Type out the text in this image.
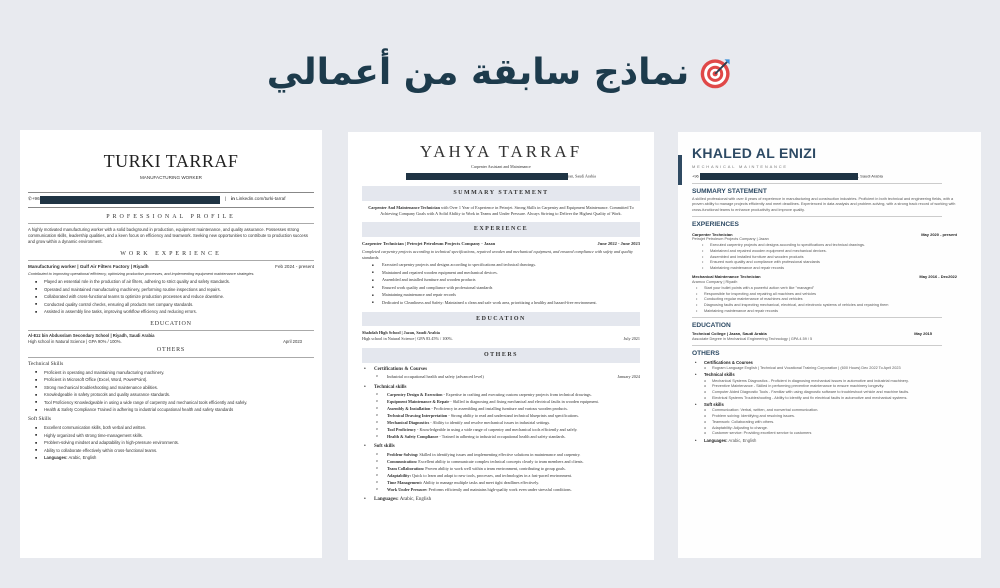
نماذج سابقة من أعمالي
TURKI TARRAF
MANUFACTURING WORKER
✆ +96	| in
Linkedin.com/turki-tarraf
PROFESSIONAL PROFILE
A highly motivated manufacturing worker with a solid background in production, equipment maintenance, and quality assurance. Possesses strong communication skills, leadership qualities, and a keen focus on efficiency and teamwork. Seeking new opportunities to contribute to production success and grow within a dynamic environment.
WORK EXPERIENCE
Manufacturing worker | Gulf Air Filters Factory | Riyadh	Feb 2024 - present
Contributed to improving operational efficiency, optimizing production processes, and implementing equipment maintenance strategies.
■ Played an essential role in the production of air filters, adhering to strict quality and safety standards.
■ Operated and maintained manufacturing machinery, performing routine inspections and repairs.
■ Collaborated with cross-functional teams to optimize production processes and reduce downtime.
■ Conducted quality control checks, ensuring all products met company standards.
■ Assisted in assembly line tasks, improving workflow efficiency and reducing errors.
EDUCATION
Al-Ezz bin Abdusslam Secondary School | Riyadh, Saudi Arabia
High school in Natural Science | GPA 90% / 100%.	April 2023
OTHERS
Technical Skills
■ Proficient in operating and maintaining manufacturing machinery.
■ Proficient in Microsoft Office (Excel, Word, PowerPoint).
■ Strong mechanical troubleshooting and maintenance abilities.
■ Knowledgeable in safety protocols and quality assurance standards.
■ Tool Proficiency Knowledgeable in using a wide range of carpentry and mechanical tools efficiently and safely.
■ Health & Safety Compliance Trained in adhering to industrial occupational health and safety standards
Soft Skills
■ Excellent communication skills, both verbal and written.
■ Highly organized with strong time-management skills.
■ Problem-solving mindset and adaptability in high-pressure environments.
■ Ability to collaborate effectively within cross-functional teams.
■ Languages: Arabic, English
YAHYA TARRAF
Carpenter Assistant and Maintenance
ran, Saudi Arabia
SUMMARY STATEMENT
Carpenter And Maintenance Technician with Over 1 Year of Experience in Petrojet. Strong Skills in Carpentry and Equipment Maintenance. Committed To Achieving Company Goals with A Solid Ability to Work in Teams and Under Pressure. Always Striving to Deliver the Highest Quality of Work.
EXPERIENCE
Carpenter Technician | Petrojet Petroleum Projects Company - Jazan	June 2022 - June 2023
Completed carpentry projects according to technical specifications, repaired wooden and mechanical equipment, and ensured compliance with safety and quality standards.
■ Executed carpentry projects and designs according to specifications and technical drawings.
■ Maintained and repaired wooden equipment and mechanical devices.
■ Assembled and installed furniture and wooden products
■ Ensured work quality and compliance with professional standards
■ Maintaining maintenance and repair records
■ Dedicated to Cleanliness and Safety: Maintained a clean and safe work area, prioritizing a healthy and hazard-free environment.
EDUCATION
Shahdah High School | Jazan, Saudi Arabia
High school in Natural Science | GPA 83.45% / 100%.	July 2021
OTHERS
• Certifications & Courses
o Industrial occupational health and safety (advanced level)	January 2024
• Technical skills
o Carpentry Design & Execution - Expertise in crafting and executing custom carpentry projects from technical drawings.
o Equipment Maintenance & Repair - Skilled in diagnosing and fixing mechanical and electrical faults in wooden equipment.
o Assembly & Installation - Proficiency in assembling and installing furniture and various wooden products.
o Technical Drawing Interpretation - Strong ability to read and understand technical blueprints and specifications.
o Mechanical Diagnostics - Ability to identify and resolve mechanical issues in industrial settings.
o Tool Proficiency - Knowledgeable in using a wide range of carpentry and mechanical tools efficiently and safely.
o Health & Safety Compliance - Trained in adhering to industrial occupational health and safety standards.
• Soft skills
o Problem-Solving: Skilled in identifying issues and implementing effective solutions in maintenance and carpentry.
o Communication: Excellent ability to communicate complex technical concepts clearly to team members and clients.
o Team Collaboration: Proven ability to work well within a team environment, contributing to group goals.
o Adaptability: Quick to learn and adapt to new tools, processes, and technologies in a fast-paced environment.
o Time Management: Ability to manage multiple tasks and meet tight deadlines effectively.
o Work Under Pressure: Performs efficiently and maintains high-quality work even under stressful conditions.
• Languages: Arabic, English
KHALED AL ENIZI
MECHANICAL MAINTENANCE
+96	, Saudi Arabia
SUMMARY STATEMENT
A skilled professional with over 8 years of experience in manufacturing and construction industries. Proficient in both technical and engineering fields, with a proven ability to manage projects efficiently and meet deadlines. Experienced in data analysis and problem-solving, with a strong track record of working with cross-functional teams to enhance productivity and improve quality.
EXPERIENCES
Carpenter Technician	May 2020 - present
Petrojet Petroleum Projects Company | Jazan
• Executed carpentry projects and designs according to specifications and technical drawings.
• Maintained and repaired wooden equipment and mechanical devices.
• Assembled and installed furniture and wooden products
• Ensured work quality and compliance with professional standards
• Maintaining maintenance and repair records
Mechanical Maintenance Technician	May 2016 - Dec2022
Aramco Company | Riyadh
• Start your bullet points with a powerful action verb like "managed"
• Responsible for inspecting and repairing all machines and vehicles
• Conducting regular maintenance of machines and vehicles
• Diagnosing faults and inspecting mechanical, electrical, and electronic systems of vehicles and repairing them
• Maintaining maintenance and repair records
EDUCATION
Technical College | Jazan, Saudi Arabia	May 2015
Associate Degree in Mechanical Engineering Technology | GPA 4.59 / 5
OTHERS
• Certifications & Courses
o Rogram Language English | Technical and Vocational Training Corporation | (600 Hours) Dec 2022 To April 2023
• Technical skills
o Mechanical Systems Diagnostics - Proficient in diagnosing mechanical issues in automotive and industrial machinery.
o Preventive Maintenance - Skilled in performing preventive maintenance to ensure machinery longevity.
o Computer Aided Diagnostic Tools - Familiar with using diagnostic software to troubleshoot vehicle and machine faults.
o Electrical Systems Troubleshooting - Ability to identify and fix electrical faults in automotive and mechanical systems.
• Soft skills
o Communication: Verbal, written, and nonverbal communication.
o Problem solving: Identifying and resolving issues.
o Teamwork: Collaborating with others.
o Adaptability: Adjusting to change.
o Customer service: Providing excellent service to customers
• Languages: Arabic, English
